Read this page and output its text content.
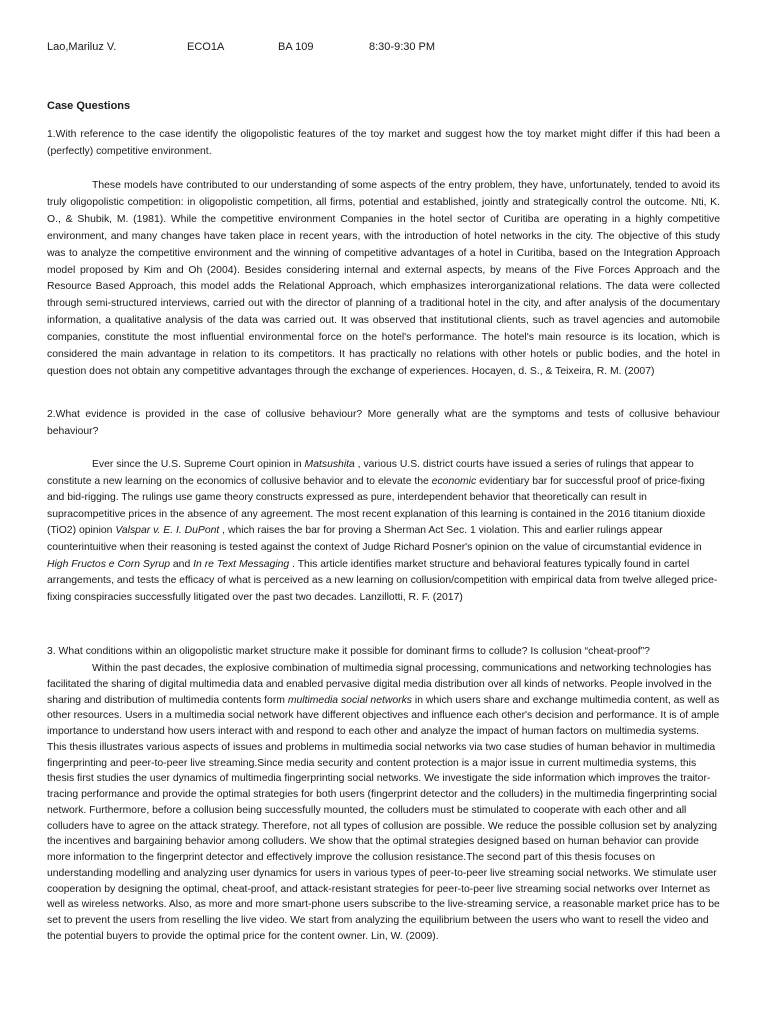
Lao,Mariluz V.	ECO1A	BA 109	8:30-9:30 PM
Case Questions
1.With reference to the case identify the oligopolistic features of the toy market and suggest how the toy market might differ if this had been a (perfectly) competitive environment.
These models have contributed to our understanding of some aspects of the entry problem, they have, unfortunately, tended to avoid its truly oligopolistic competition: in oligopolistic competition, all firms, potential and established, jointly and strategically control the outcome. Nti, K. O., & Shubik, M. (1981). While the competitive environment Companies in the hotel sector of Curitiba are operating in a highly competitive environment, and many changes have taken place in recent years, with the introduction of hotel networks in the city. The objective of this study was to analyze the competitive environment and the winning of competitive advantages of a hotel in Curitiba, based on the Integration Approach model proposed by Kim and Oh (2004). Besides considering internal and external aspects, by means of the Five Forces Approach and the Resource Based Approach, this model adds the Relational Approach, which emphasizes interorganizational relations. The data were collected through semi-structured interviews, carried out with the director of planning of a traditional hotel in the city, and after analysis of the documentary information, a qualitative analysis of the data was carried out. It was observed that institutional clients, such as travel agencies and automobile companies, constitute the most influential environmental force on the hotel's performance. The hotel's main resource is its location, which is considered the main advantage in relation to its competitors. It has practically no relations with other hotels or public bodies, and the hotel in question does not obtain any competitive advantages through the exchange of experiences. Hocayen, d. S., & Teixeira, R. M. (2007)
2.What evidence is provided in the case of collusive behaviour? More generally what are the symptoms and tests of collusive behaviour behaviour?
Ever since the U.S. Supreme Court opinion in Matsushita , various U.S. district courts have issued a series of rulings that appear to constitute a new learning on the economics of collusive behavior and to elevate the economic evidentiary bar for successful proof of price-fixing and bid-rigging. The rulings use game theory constructs expressed as pure, interdependent behavior that theoretically can result in supracompetitive prices in the absence of any agreement. The most recent explanation of this learning is contained in the 2016 titanium dioxide (TiO2) opinion Valspar v. E. I. DuPont , which raises the bar for proving a Sherman Act Sec. 1 violation. This and earlier rulings appear counterintuitive when their reasoning is tested against the context of Judge Richard Posner's opinion on the value of circumstantial evidence in High Fructos e Corn Syrup and In re Text Messaging . This article identifies market structure and behavioral features typically found in cartel arrangements, and tests the efficacy of what is perceived as a new learning on collusion/competition with empirical data from twelve alleged price-fixing conspiracies successfully litigated over the past two decades. Lanzillotti, R. F. (2017)
3. What conditions within an oligopolistic market structure make it possible for dominant firms to collude? Is collusion “cheat-proof”?
Within the past decades, the explosive combination of multimedia signal processing, communications and networking technologies has facilitated the sharing of digital multimedia data and enabled pervasive digital media distribution over all kinds of networks. People involved in the sharing and distribution of multimedia contents form multimedia social networks in which users share and exchange multimedia content, as well as other resources. Users in a multimedia social network have different objectives and influence each other's decision and performance. It is of ample importance to understand how users interact with and respond to each other and analyze the impact of human factors on multimedia systems. This thesis illustrates various aspects of issues and problems in multimedia social networks via two case studies of human behavior in multimedia fingerprinting and peer-to-peer live streaming.Since media security and content protection is a major issue in current multimedia systems, this thesis first studies the user dynamics of multimedia fingerprinting social networks. We investigate the side information which improves the traitor-tracing performance and provide the optimal strategies for both users (fingerprint detector and the colluders) in the multimedia fingerprinting social network. Furthermore, before a collusion being successfully mounted, the colluders must be stimulated to cooperate with each other and all colluders have to agree on the attack strategy. Therefore, not all types of collusion are possible. We reduce the possible collusion set by analyzing the incentives and bargaining behavior among colluders. We show that the optimal strategies designed based on human behavior can provide more information to the fingerprint detector and effectively improve the collusion resistance.The second part of this thesis focuses on understanding modelling and analyzing user dynamics for users in various types of peer-to-peer live streaming social networks. We stimulate user cooperation by designing the optimal, cheat-proof, and attack-resistant strategies for peer-to-peer live streaming social networks over Internet as well as wireless networks. Also, as more and more smart-phone users subscribe to the live-streaming service, a reasonable market price has to be set to prevent the users from reselling the live video. We start from analyzing the equilibrium between the users who want to resell the video and the potential buyers to provide the optimal price for the content owner. Lin, W. (2009).
